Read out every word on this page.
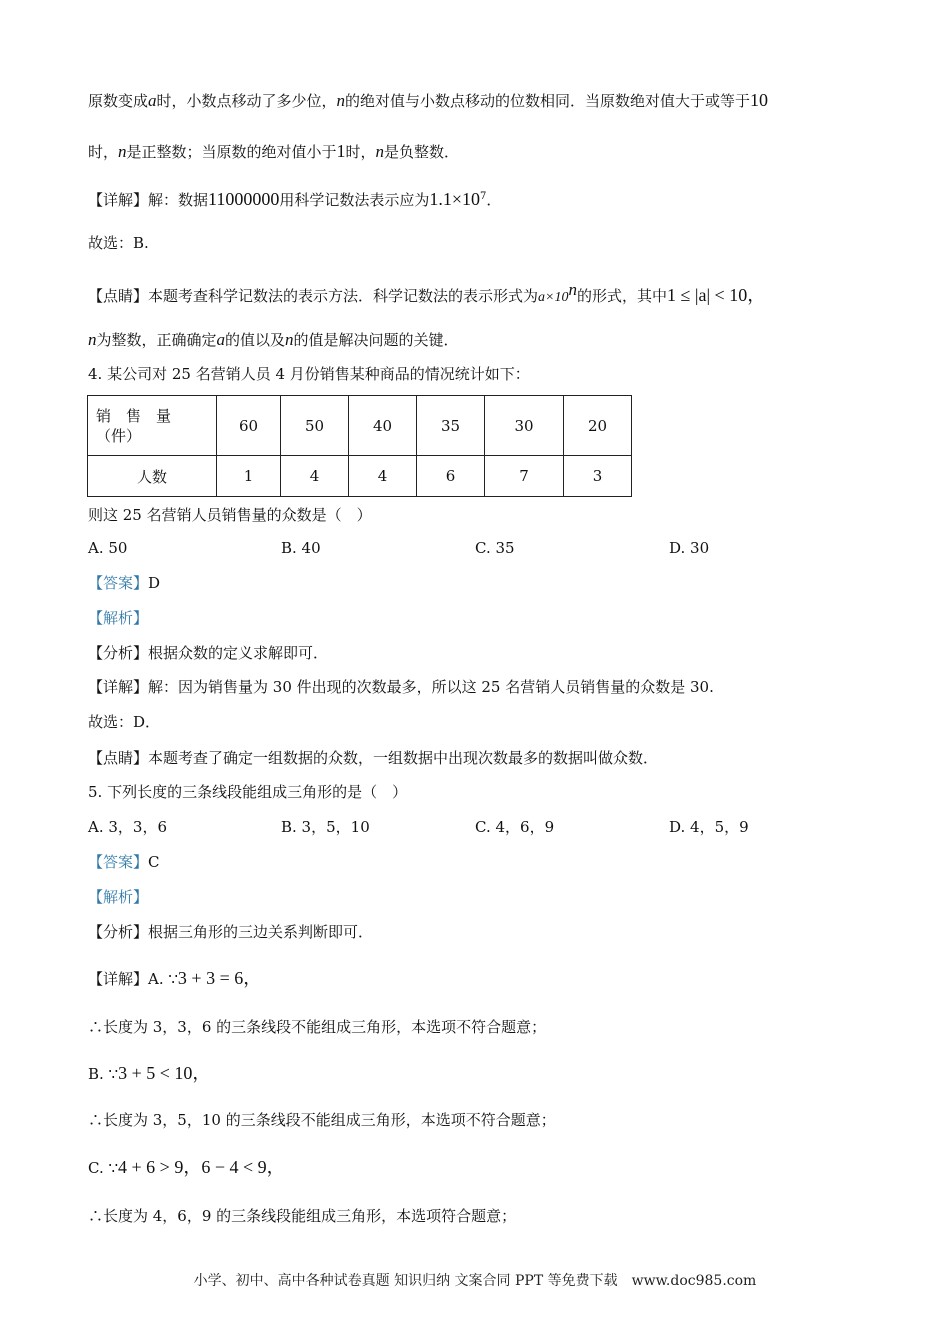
原数变成a时，小数点移动了多少位，n的绝对值与小数点移动的位数相同．当原数绝对值大于或等于10
时，n是正整数；当原数的绝对值小于1时，n是负整数．
【详解】解：数据11000000用科学记数法表示应为$1.1\times 10^7$．
故选：B.
【点睛】本题考查科学记数法的表示方法．科学记数法的表示形式为$a\times 10^n$的形式，其中1 ≤ |a| < 10，
n为整数，正确确定a的值以及n的值是解决问题的关键．
4. 某公司对 25 名营销人员 4 月份销售某种商品的情况统计如下：
销　售　量（件）	60	50	40	35	30	20
人数	1	4	4	6	7	3
则这 25 名营销人员销售量的众数是（　）
A. 50	B. 40	C. 35	D. 30
【答案】D
【解析】
【分析】根据众数的定义求解即可．
【详解】解：因为销售量为 30 件出现的次数最多，所以这 25 名营销人员销售量的众数是 30.
故选：D．
【点睛】本题考查了确定一组数据的众数，一组数据中出现次数最多的数据叫做众数．
5. 下列长度的三条线段能组成三角形的是（　）
A. 3，3，6	B. 3，5，10	C. 4，6，9	D. 4，5，9
【答案】C
【解析】
【分析】根据三角形的三边关系判断即可．
【详解】A. ∵3 + 3 = 6，
∴长度为 3，3，6 的三条线段不能组成三角形，本选项不符合题意；
B. ∵3 + 5 < 10，
∴长度为 3，5，10 的三条线段不能组成三角形，本选项不符合题意；
C. ∵4 + 6 > 9，6 − 4 < 9，
∴长度为 4，6，9 的三条线段能组成三角形，本选项符合题意；
小学、初中、高中各种试卷真题 知识归纳 文案合同 PPT 等免费下载　www.doc985.com
